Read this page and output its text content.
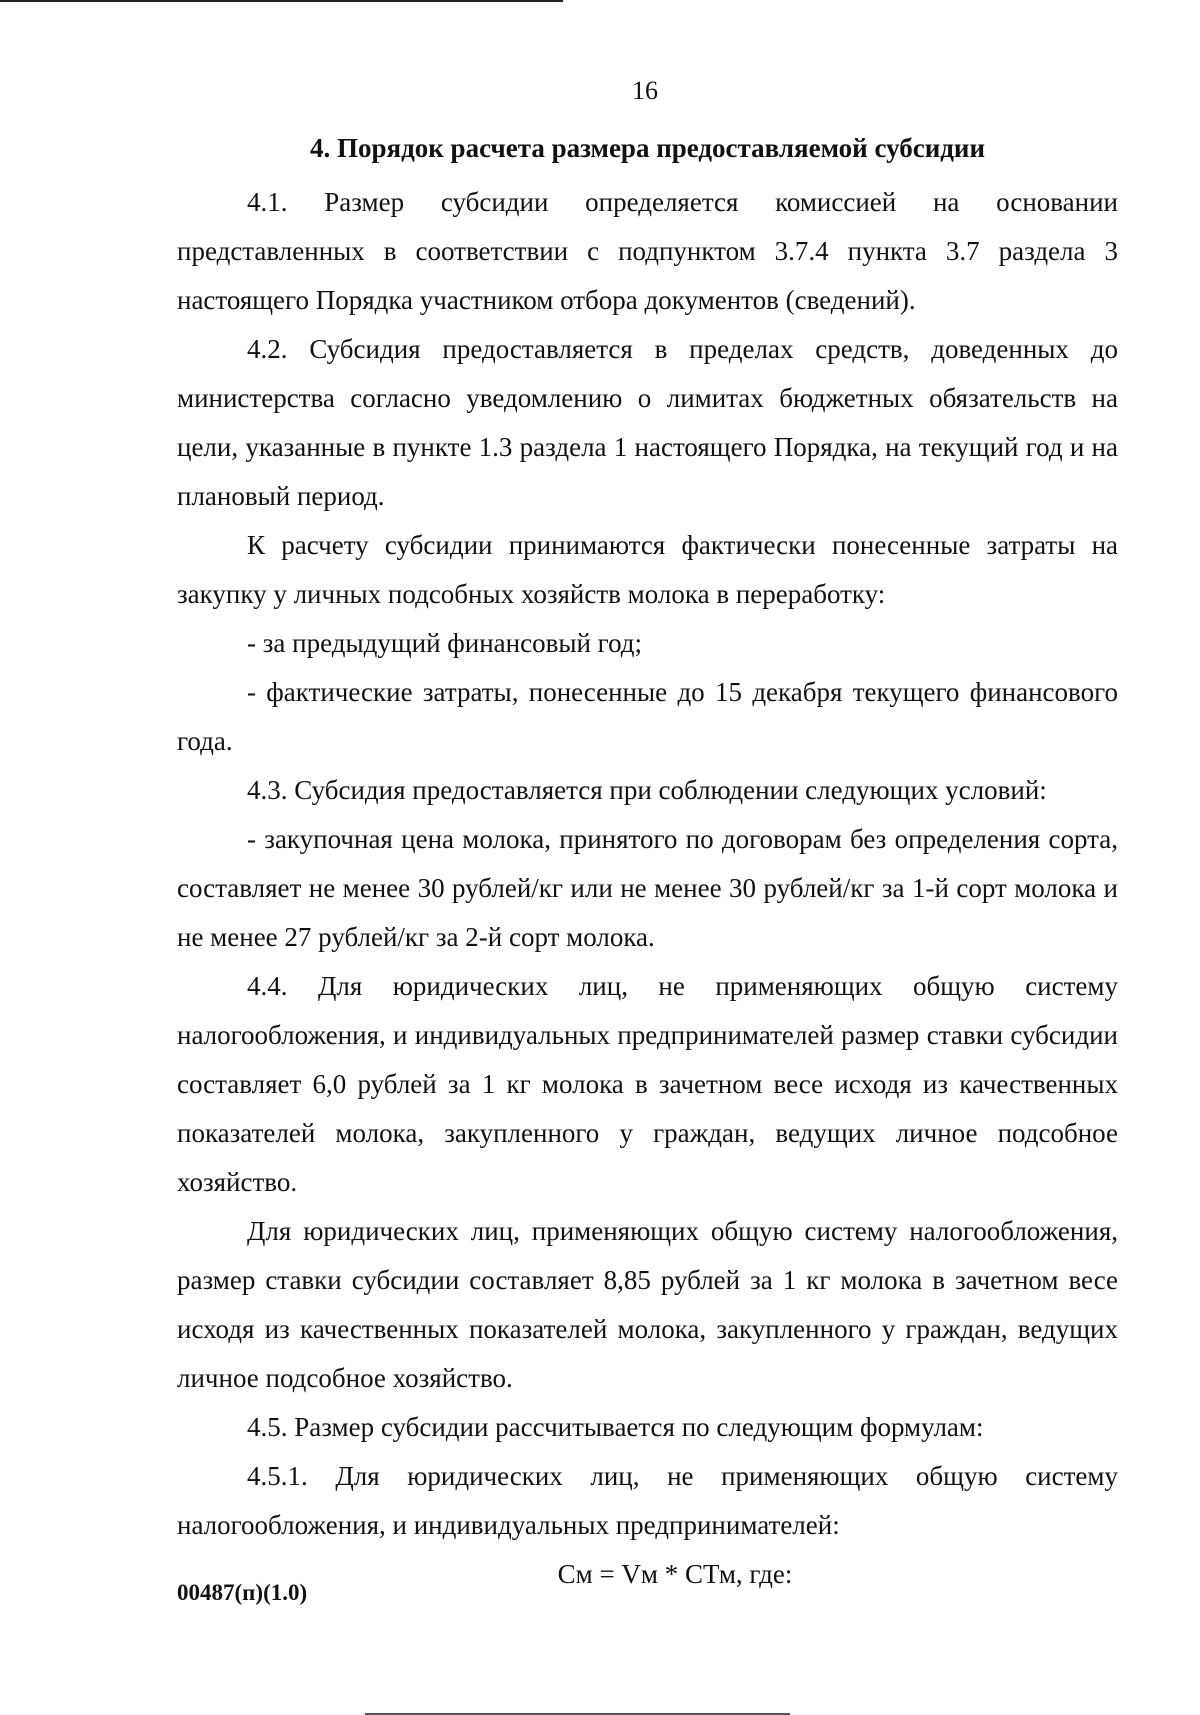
16
4. Порядок расчета размера предоставляемой субсидии

4.1. Размер субсидии определяется комиссией на основании представленных в соответствии с подпунктом 3.7.4 пункта 3.7 раздела 3 настоящего Порядка участником отбора документов (сведений).

4.2. Субсидия предоставляется в пределах средств, доведенных до министерства согласно уведомлению о лимитах бюджетных обязательств на цели, указанные в пункте 1.3 раздела 1 настоящего Порядка, на текущий год и на плановый период.

К расчету субсидии принимаются фактически понесенные затраты на закупку у личных подсобных хозяйств молока в переработку:

- за предыдущий финансовый год;

- фактические затраты, понесенные до 15 декабря текущего финансового года.

4.3. Субсидия предоставляется при соблюдении следующих условий:

- закупочная цена молока, принятого по договорам без определения сорта, составляет не менее 30 рублей/кг или не менее 30 рублей/кг за 1-й сорт молока и не менее 27 рублей/кг за 2-й сорт молока.

4.4. Для юридических лиц, не применяющих общую систему налогообложения, и индивидуальных предпринимателей размер ставки субсидии составляет 6,0 рублей за 1 кг молока в зачетном весе исходя из качественных показателей молока, закупленного у граждан, ведущих личное подсобное хозяйство.

Для юридических лиц, применяющих общую систему налогообложения, размер ставки субсидии составляет 8,85 рублей за 1 кг молока в зачетном весе исходя из качественных показателей молока, закупленного у граждан, ведущих личное подсобное хозяйство.

4.5. Размер субсидии рассчитывается по следующим формулам:

4.5.1. Для юридических лиц, не применяющих общую систему налогообложения, и индивидуальных предпринимателей:

См = Vм * СТм, где:

00487(п)(1.0)
